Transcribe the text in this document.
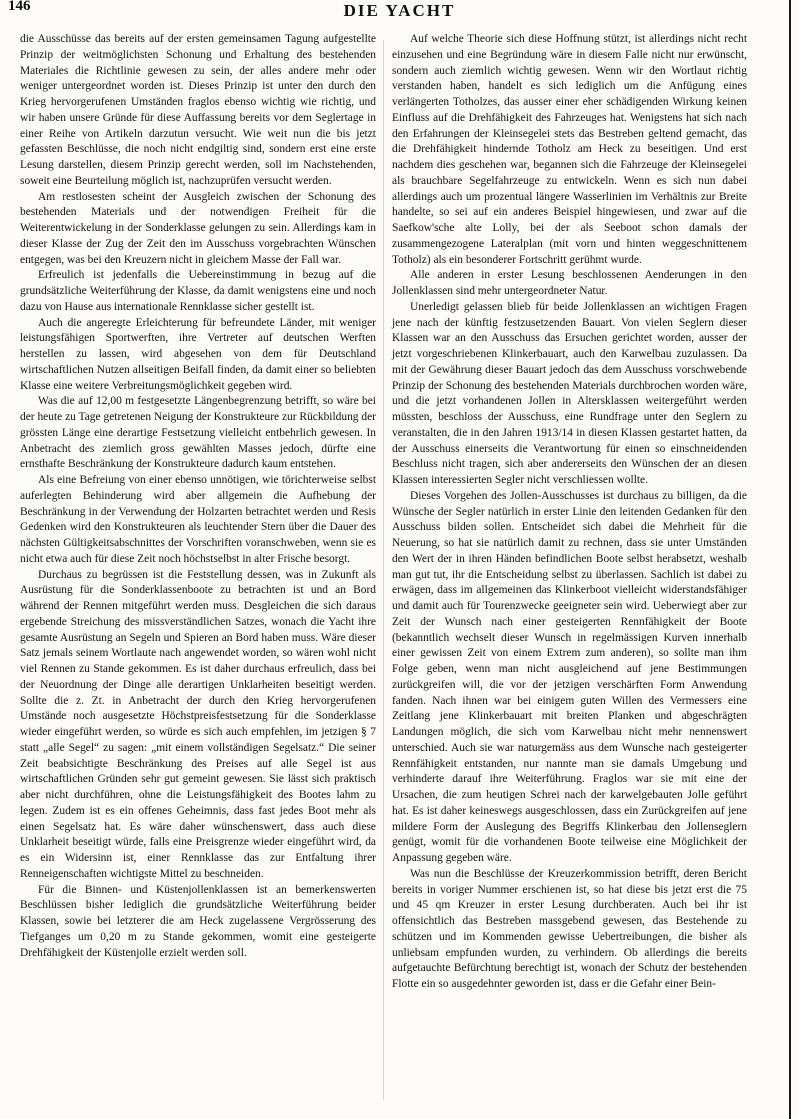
146	DIE YACHT

die Ausschüsse das bereits auf der ersten gemeinsamen Tagung aufgestellte Prinzip der weitmöglichsten Schonung und Erhaltung des bestehenden Materiales die Richtlinie gewesen zu sein, der alles andere mehr oder weniger untergeordnet worden ist. Dieses Prinzip ist unter den durch den Krieg hervorgerufenen Umständen fraglos ebenso wichtig wie richtig, und wir haben unsere Gründe für diese Auffassung bereits vor dem Seglertage in einer Reihe von Artikeln darzutun versucht. Wie weit nun die bis jetzt gefassten Beschlüsse, die noch nicht endgiltig sind, sondern erst eine erste Lesung darstellen, diesem Prinzip gerecht werden, soll im Nachstehenden, soweit eine Beurteilung möglich ist, nachzuprüfen versucht werden.

Am restlosesten scheint der Ausgleich zwischen der Schonung des bestehenden Materials und der notwendigen Freiheit für die Weiterentwickelung in der Sonderklasse gelungen zu sein. Allerdings kam in dieser Klasse der Zug der Zeit den im Ausschuss vorgebrachten Wünschen entgegen, was bei den Kreuzern nicht in gleichem Masse der Fall war.

Erfreulich ist jedenfalls die Uebereinstimmung in bezug auf die grundsätzliche Weiterführung der Klasse, da damit wenigstens eine und noch dazu von Hause aus internationale Rennklasse sicher gestellt ist.

Auch die angeregte Erleichterung für befreundete Länder, mit weniger leistungsfähigen Sportwerften, ihre Vertreter auf deutschen Werften herstellen zu lassen, wird abgesehen von dem für Deutschland wirtschaftlichen Nutzen allseitigen Beifall finden, da damit einer so beliebten Klasse eine weitere Verbreitungsmöglichkeit gegeben wird.

Was die auf 12,00 m festgesetzte Längenbegrenzung betrifft, so wäre bei der heute zu Tage getretenen Neigung der Konstrukteure zur Rückbildung der grössten Länge eine derartige Festsetzung vielleicht entbehrlich gewesen. In Anbetracht des ziemlich gross gewählten Masses jedoch, dürfte eine ernsthafte Beschränkung der Konstrukteure dadurch kaum entstehen.

Als eine Befreiung von einer ebenso unnötigen, wie törichterweise selbst auferlegten Behinderung wird aber allgemein die Aufhebung der Beschränkung in der Verwendung der Holzarten betrachtet werden und Resis Gedenken wird den Konstrukteuren als leuchtender Stern über die Dauer des nächsten Gültigkeitsabschnittes der Vorschriften voranschweben, wenn sie es nicht etwa auch für diese Zeit noch höchstselbst in alter Frische besorgt.

Durchaus zu begrüssen ist die Feststellung dessen, was in Zukunft als Ausrüstung für die Sonderklassenboote zu betrachten ist und an Bord während der Rennen mitgeführt werden muss. Desgleichen die sich daraus ergebende Streichung des missverständlichen Satzes, wonach die Yacht ihre gesamte Ausrüstung an Segeln und Spieren an Bord haben muss. Wäre dieser Satz jemals seinem Wortlaute nach angewendet worden, so wären wohl nicht viel Rennen zu Stande gekommen. Es ist daher durchaus erfreulich, dass bei der Neuordnung der Dinge alle derartigen Unklarheiten beseitigt werden. Sollte die z. Zt. in Anbetracht der durch den Krieg hervorgerufenen Umstände noch ausgesetzte Höchstpreisfestsetzung für die Sonderklasse wieder eingeführt werden, so würde es sich auch empfehlen, im jetzigen § 7 statt „alle Segel“ zu sagen: „mit einem vollständigen Segelsatz.“ Die seiner Zeit beabsichtigte Beschränkung des Preises auf alle Segel ist aus wirtschaftlichen Gründen sehr gut gemeint gewesen. Sie lässt sich praktisch aber nicht durchführen, ohne die Leistungsfähigkeit des Bootes lahm zu legen. Zudem ist es ein offenes Geheimnis, dass fast jedes Boot mehr als einen Segelsatz hat. Es wäre daher wünschenswert, dass auch diese Unklarheit beseitigt würde, falls eine Preisgrenze wieder eingeführt wird, da es ein Widersinn ist, einer Rennklasse das zur Entfaltung ihrer Renneigenschaften wichtigste Mittel zu beschneiden.

Für die Binnen- und Küstenjollenklassen ist an bemerkenswerten Beschlüssen bisher lediglich die grundsätzliche Weiterführung beider Klassen, sowie bei letzterer die am Heck zugelassene Vergrösserung des Tiefganges um 0,20 m zu Stande gekommen, womit eine gesteigerte Drehfähigkeit der Küstenjolle erzielt werden soll.

Auf welche Theorie sich diese Hoffnung stützt, ist allerdings nicht recht einzusehen und eine Begründung wäre in diesem Falle nicht nur erwünscht, sondern auch ziemlich wichtig gewesen. Wenn wir den Wortlaut richtig verstanden haben, handelt es sich lediglich um die Anfügung eines verlängerten Totholzes, das ausser einer eher schädigenden Wirkung keinen Einfluss auf die Drehfähigkeit des Fahrzeuges hat. Wenigstens hat sich nach den Erfahrungen der Kleinsegelei stets das Bestreben geltend gemacht, das die Drehfähigkeit hindernde Totholz am Heck zu beseitigen. Und erst nachdem dies geschehen war, begannen sich die Fahrzeuge der Kleinsegelei als brauchbare Segelfahrzeuge zu entwickeln. Wenn es sich nun dabei allerdings auch um prozentual längere Wasserlinien im Verhältnis zur Breite handelte, so sei auf ein anderes Beispiel hingewiesen, und zwar auf die Saefkow'sche alte Lolly, bei der als Seeboot schon damals der zusammengezogene Lateralplan (mit vorn und hinten weggeschnittenem Totholz) als ein besonderer Fortschritt gerühmt wurde.

Alle anderen in erster Lesung beschlossenen Aenderungen in den Jollenklassen sind mehr untergeordneter Natur.

Unerledigt gelassen blieb für beide Jollenklassen an wichtigen Fragen jene nach der künftig festzusetzenden Bauart. Von vielen Seglern dieser Klassen war an den Ausschuss das Ersuchen gerichtet worden, ausser der jetzt vorgeschriebenen Klinkerbauart, auch den Karwelbau zuzulassen. Da mit der Gewährung dieser Bauart jedoch das dem Ausschuss vorschwebende Prinzip der Schonung des bestehenden Materials durchbrochen worden wäre, und die jetzt vorhandenen Jollen in Altersklassen weitergeführt werden müssten, beschloss der Ausschuss, eine Rundfrage unter den Seglern zu veranstalten, die in den Jahren 1913/14 in diesen Klassen gestartet hatten, da der Ausschuss einerseits die Verantwortung für einen so einschneidenden Beschluss nicht tragen, sich aber andererseits den Wünschen der an diesen Klassen interessierten Segler nicht verschliessen wollte.

Dieses Vorgehen des Jollen-Ausschusses ist durchaus zu billigen, da die Wünsche der Segler natürlich in erster Linie den leitenden Gedanken für den Ausschuss bilden sollen. Entscheidet sich dabei die Mehrheit für die Neuerung, so hat sie natürlich damit zu rechnen, dass sie unter Umständen den Wert der in ihren Händen befindlichen Boote selbst herabsetzt, weshalb man gut tut, ihr die Entscheidung selbst zu überlassen. Sachlich ist dabei zu erwägen, dass im allgemeinen das Klinkerboot vielleicht widerstandsfähiger und damit auch für Tourenzwecke geeigneter sein wird. Ueberwiegt aber zur Zeit der Wunsch nach einer gesteigerten Rennfähigkeit der Boote (bekanntlich wechselt dieser Wunsch in regelmässigen Kurven innerhalb einer gewissen Zeit von einem Extrem zum anderen), so sollte man ihm Folge geben, wenn man nicht ausgleichend auf jene Bestimmungen zurückgreifen will, die vor der jetzigen verschärften Form Anwendung fanden. Nach ihnen war bei einigem guten Willen des Vermessers eine Zeitlang jene Klinkerbauart mit breiten Planken und abgeschrägten Landungen möglich, die sich vom Karwelbau nicht mehr nennenswert unterschied. Auch sie war naturgemäss aus dem Wunsche nach gesteigerter Rennfähigkeit entstanden, nur nannte man sie damals Umgebung und verhinderte darauf ihre Weiterführung. Fraglos war sie mit eine der Ursachen, die zum heutigen Schrei nach der karwelgebauten Jolle geführt hat. Es ist daher keineswegs ausgeschlossen, dass ein Zurückgreifen auf jene mildere Form der Auslegung des Begriffs Klinkerbau den Jollenseglern genügt, womit für die vorhandenen Boote teilweise eine Möglichkeit der Anpassung gegeben wäre.

Was nun die Beschlüsse der Kreuzerkommission betrifft, deren Bericht bereits in voriger Nummer erschienen ist, so hat diese bis jetzt erst die 75 und 45 qm Kreuzer in erster Lesung durchberaten. Auch bei ihr ist offensichtlich das Bestreben massgebend gewesen, das Bestehende zu schützen und im Kommenden gewisse Uebertreibungen, die bisher als unliebsam empfunden wurden, zu verhindern. Ob allerdings die bereits aufgetauchte Befürchtung berechtigt ist, wonach der Schutz der bestehenden Flotte ein so ausgedehnter geworden ist, dass er die Gefahr einer Bein-
